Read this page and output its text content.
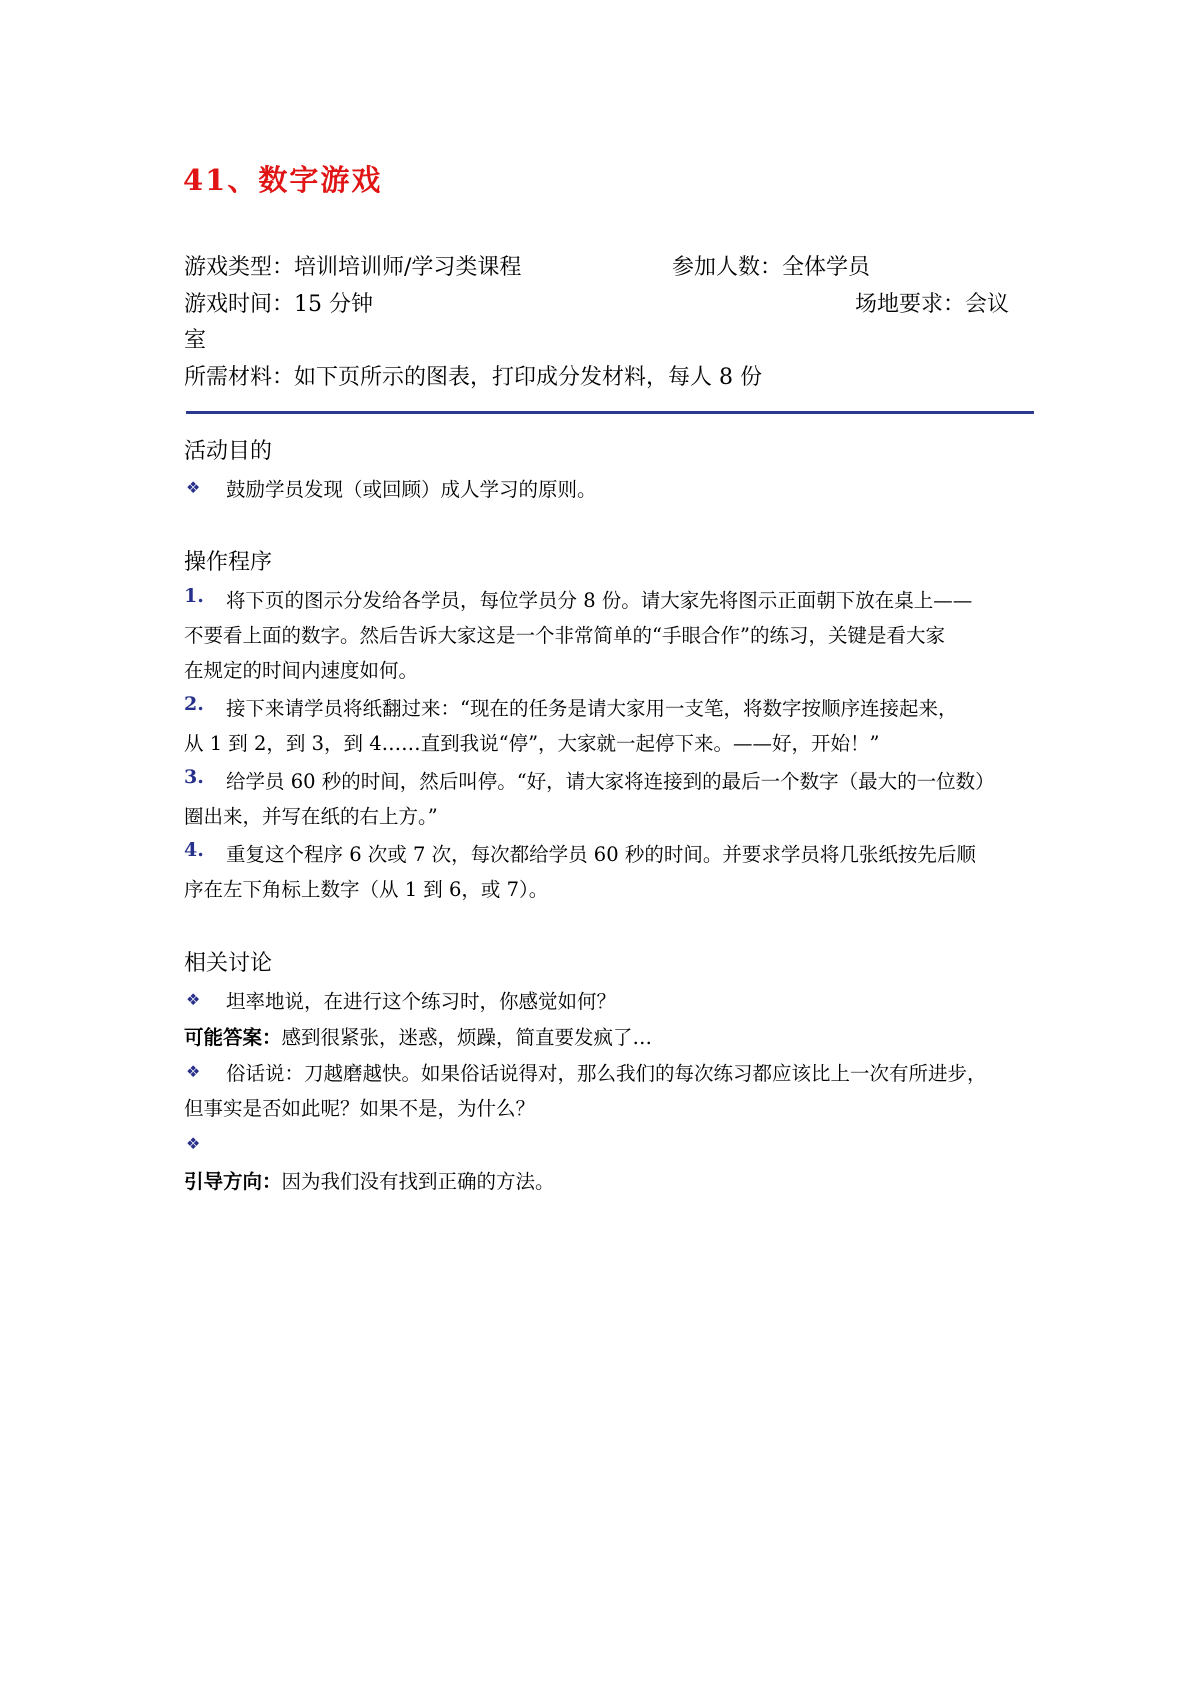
41、数字游戏
游戏类型：培训培训师/学习类课程	参加人数：全体学员
游戏时间：15 分钟	场地要求：会议
室
所需材料：如下页所示的图表，打印成分发材料，每人 8 份
活动目的
❖ 鼓励学员发现（或回顾）成人学习的原则。
操作程序
1. 将下页的图示分发给各学员，每位学员分 8 份。请大家先将图示正面朝下放在桌上——
不要看上面的数字。然后告诉大家这是一个非常简单的“手眼合作”的练习，关键是看大家
在规定的时间内速度如何。
2. 接下来请学员将纸翻过来：“现在的任务是请大家用一支笔，将数字按顺序连接起来，
从 1 到 2，到 3，到 4……直到我说“停”，大家就一起停下来。——好，开始！”
3. 给学员 60 秒的时间，然后叫停。“好，请大家将连接到的最后一个数字（最大的一位数）
圈出来，并写在纸的右上方。”
4. 重复这个程序 6 次或 7 次，每次都给学员 60 秒的时间。并要求学员将几张纸按先后顺
序在左下角标上数字（从 1 到 6，或 7）。
相关讨论
❖ 坦率地说，在进行这个练习时，你感觉如何？
可能答案：感到很紧张，迷惑，烦躁，简直要发疯了…
❖ 俗话说：刀越磨越快。如果俗话说得对，那么我们的每次练习都应该比上一次有所进步，
但事实是否如此呢？如果不是，为什么？
❖
引导方向：因为我们没有找到正确的方法。
